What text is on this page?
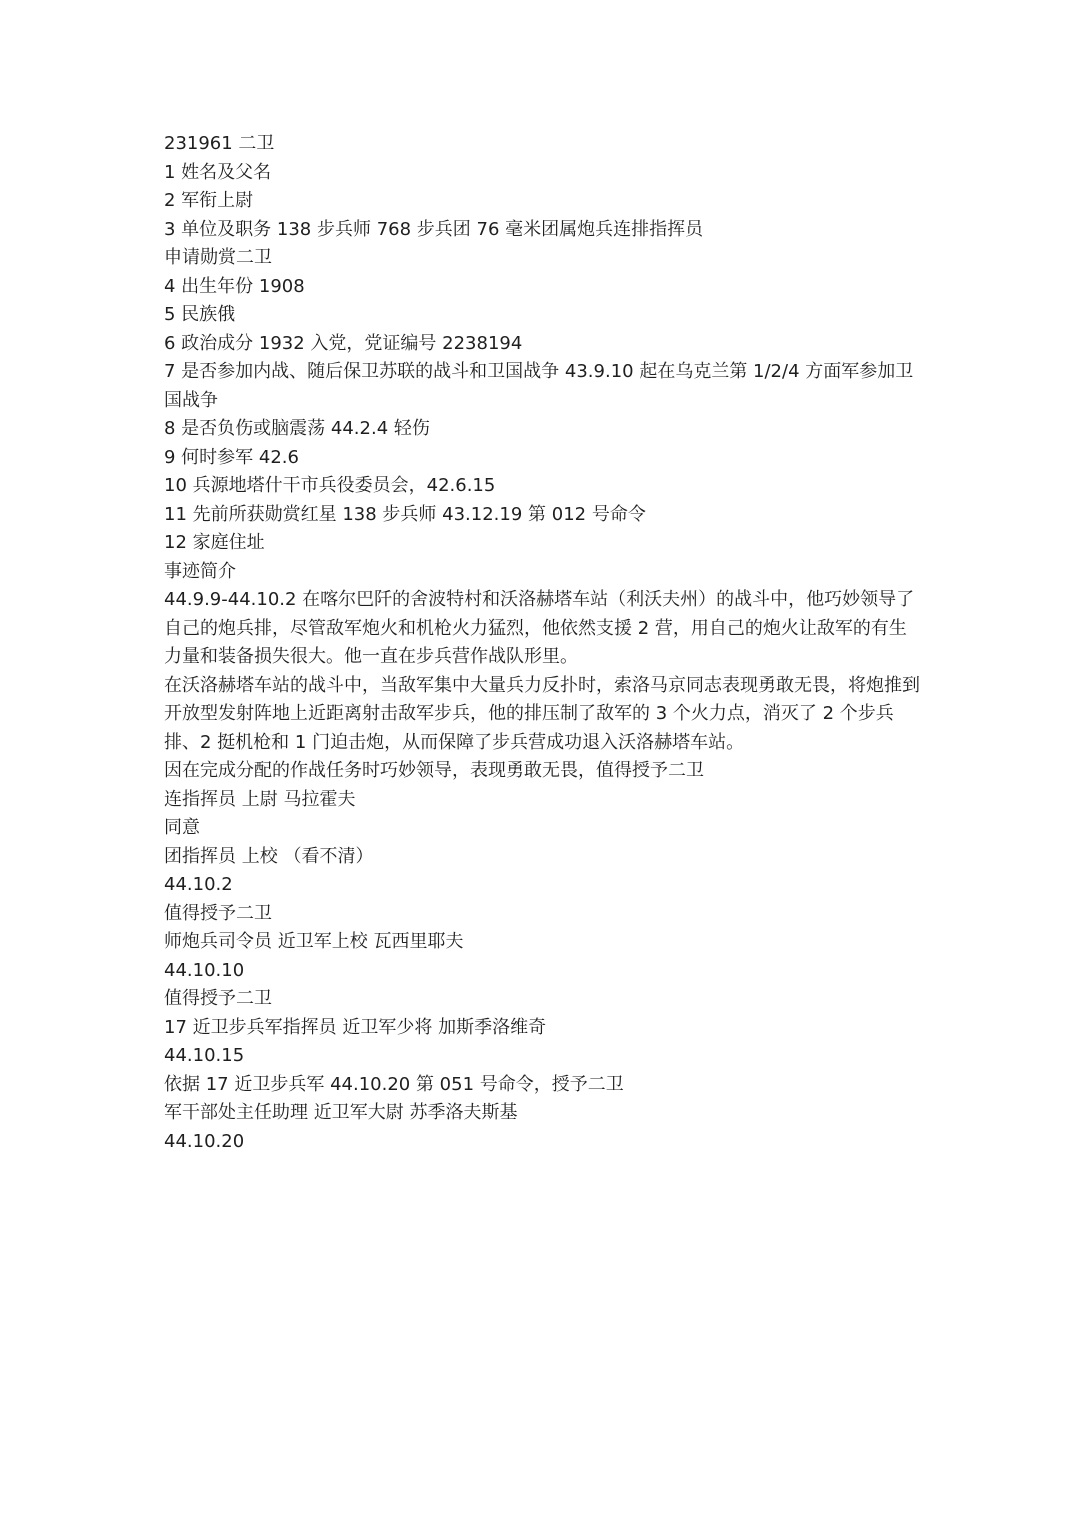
231961 二卫

1 姓名及父名

2 军衔上尉

3 单位及职务 138 步兵师 768 步兵团 76 毫米团属炮兵连排指挥员

申请勋赏二卫

4 出生年份 1908

5 民族俄

6 政治成分 1932 入党，党证编号 2238194

7 是否参加内战、随后保卫苏联的战斗和卫国战争 43.9.10 起在乌克兰第 1/2/4 方面军参加卫国战争

8 是否负伤或脑震荡 44.2.4 轻伤

9 何时参军 42.6

10 兵源地塔什干市兵役委员会，42.6.15

11 先前所获勋赏红星 138 步兵师 43.12.19 第 012 号命令

12 家庭住址

事迹简介

44.9.9-44.10.2 在喀尔巴阡的舍波特村和沃洛赫塔车站（利沃夫州）的战斗中，他巧妙领导了自己的炮兵排，尽管敌军炮火和机枪火力猛烈，他依然支援 2 营，用自己的炮火让敌军的有生力量和装备损失很大。他一直在步兵营作战队形里。

在沃洛赫塔车站的战斗中，当敌军集中大量兵力反扑时，索洛马京同志表现勇敢无畏，将炮推到开放型发射阵地上近距离射击敌军步兵，他的排压制了敌军的 3 个火力点，消灭了 2 个步兵排、2 挺机枪和 1 门迫击炮，从而保障了步兵营成功退入沃洛赫塔车站。

因在完成分配的作战任务时巧妙领导，表现勇敢无畏，值得授予二卫

连指挥员 上尉 马拉霍夫

同意

团指挥员 上校 （看不清）

44.10.2

值得授予二卫

师炮兵司令员 近卫军上校 瓦西里耶夫

44.10.10

值得授予二卫

17 近卫步兵军指挥员 近卫军少将 加斯季洛维奇

44.10.15

依据 17 近卫步兵军 44.10.20 第 051 号命令，授予二卫

军干部处主任助理 近卫军大尉 苏季洛夫斯基

44.10.20
